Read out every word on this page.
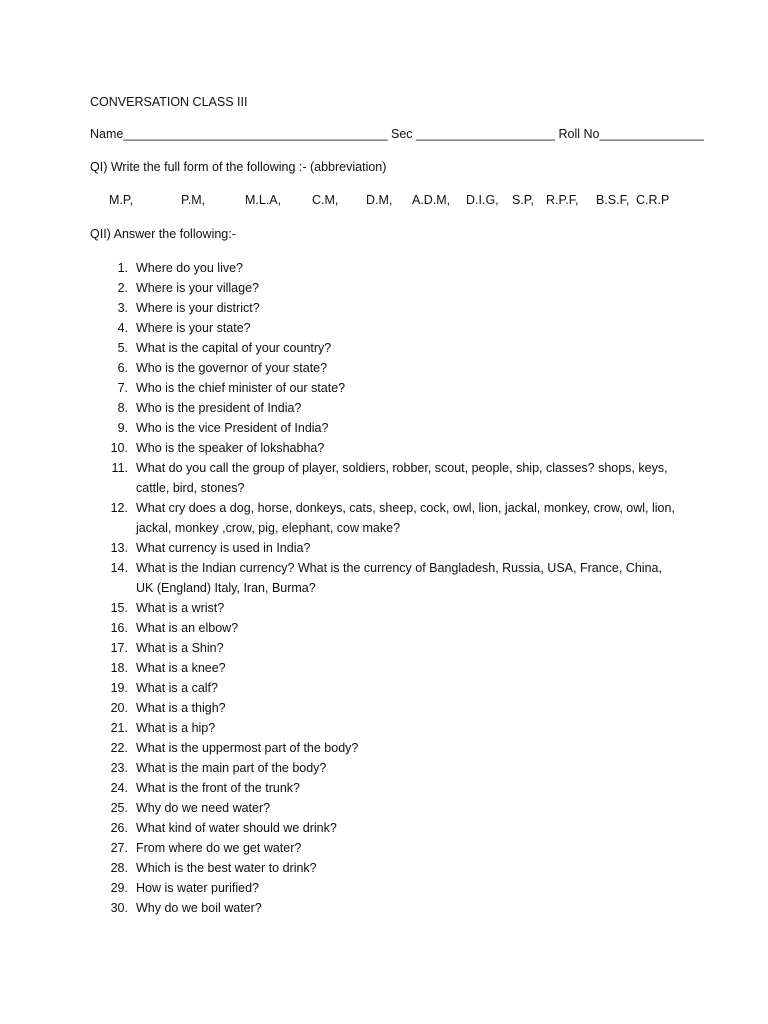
CONVERSATION CLASS III
Name______________________________________ Sec ____________________ Roll No_______________
QI) Write the full form of the following :- (abbreviation)
M.P,	P.M,	M.L.A, C.M, D.M, A.D.M, D.I.G, S.P, R.P.F, B.S.F, C.R.P
QII) Answer the following:-
1. Where do you live?
2. Where is your village?
3. Where is your district?
4. Where is your state?
5. What is the capital of your country?
6. Who is the governor of your state?
7. Who is the chief minister of our state?
8. Who is the president of India?
9. Who is the vice President of India?
10. Who is the speaker of lokshabha?
11. What do you call the group of player, soldiers, robber, scout, people, ship, classes? shops, keys, cattle, bird, stones?
12. What cry does a dog, horse, donkeys, cats, sheep, cock, owl, lion, jackal, monkey, crow, owl, lion, jackal, monkey ,crow, pig, elephant, cow make?
13. What currency is used in India?
14. What is the Indian currency? What is the currency of Bangladesh, Russia, USA, France, China, UK (England) Italy, Iran, Burma?
15. What is a wrist?
16. What is an elbow?
17. What is a Shin?
18. What is a knee?
19. What is a calf?
20. What is a thigh?
21. What is a hip?
22. What is the uppermost part of the body?
23. What is the main part of the body?
24. What is the front of the trunk?
25. Why do we need water?
26. What kind of water should we drink?
27. From where do we get water?
28. Which is the best water to drink?
29. How is water purified?
30. Why do we boil water?
